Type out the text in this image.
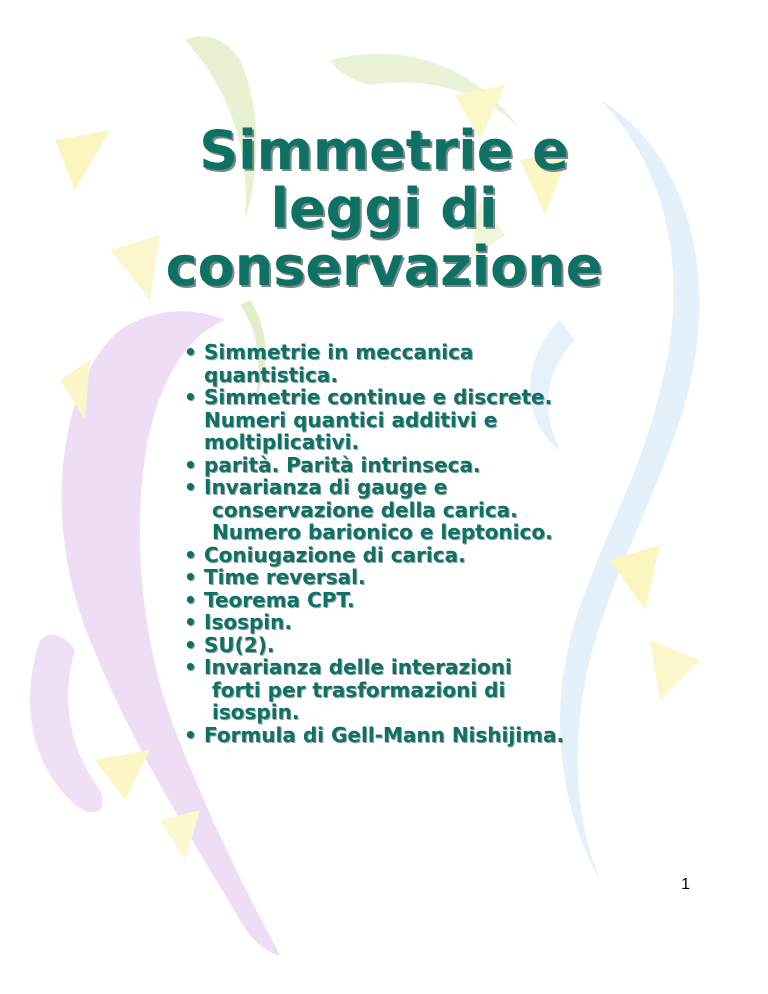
Simmetrie e
leggi di
conservazione
• Simmetrie in meccanica
quantistica.
• Simmetrie continue e discrete.
Numeri quantici additivi e
moltiplicativi.
• parità. Parità intrinseca.
• Invarianza di gauge e
conservazione della carica.
Numero barionico e leptonico.
• Coniugazione di carica.
• Time reversal.
• Teorema CPT.
• Isospin.
• SU(2).
• Invarianza delle interazioni
forti per trasformazioni di
isospin.
• Formula di Gell-Mann Nishijima.
1
